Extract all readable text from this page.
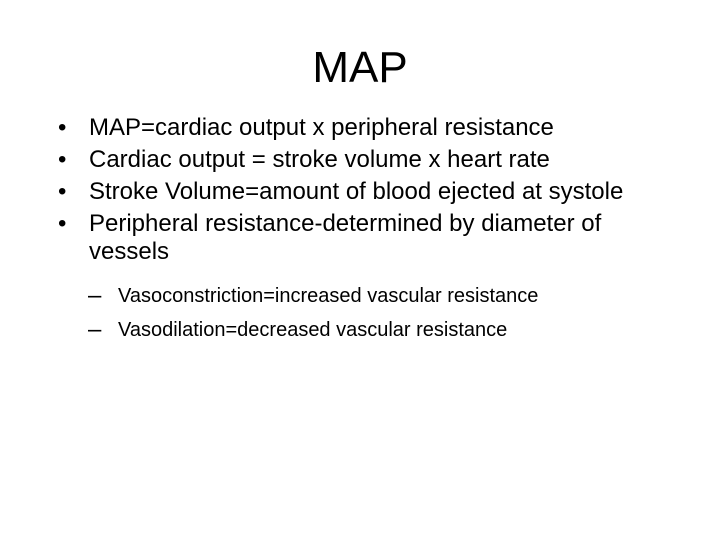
MAP
• MAP=cardiac output x peripheral resistance
• Cardiac output = stroke volume x heart rate
• Stroke Volume=amount of blood ejected at systole
• Peripheral resistance-determined by diameter of vessels
– Vasoconstriction=increased vascular resistance
– Vasodilation=decreased vascular resistance
